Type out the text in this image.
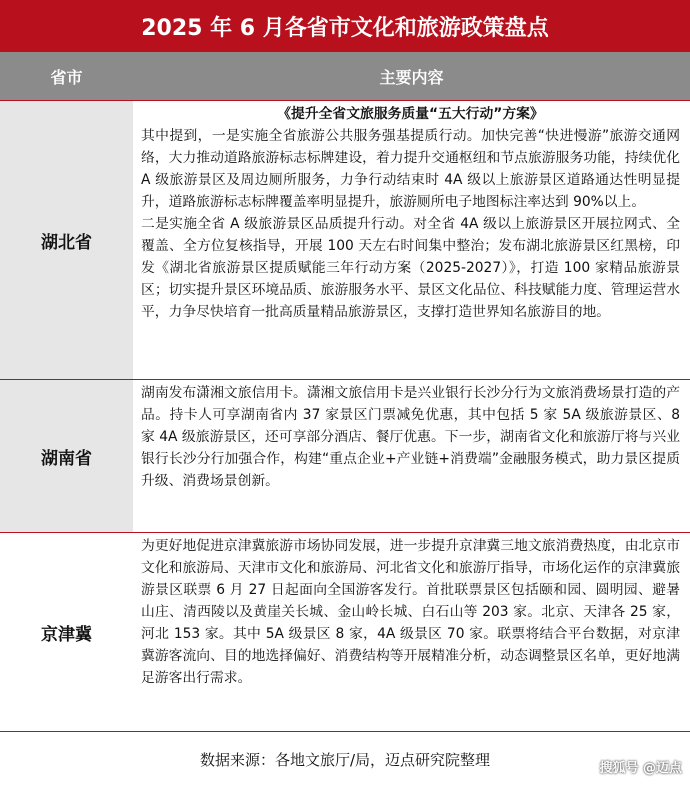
2025 年 6 月各省市文化和旅游政策盘点
省市	主要内容
湖北省
《提升全省文旅服务质量“五大行动”方案》

其中提到，一是实施全省旅游公共服务强基提质行动。加快完善“快进慢游”旅游交通网络，大力推动道路旅游标志标牌建设，着力提升交通枢纽和节点旅游服务功能，持续优化 A 级旅游景区及周边厕所服务，力争行动结束时 4A 级以上旅游景区道路通达性明显提升，道路旅游标志标牌覆盖率明显提升，旅游厕所电子地图标注率达到 90%以上。

二是实施全省 A 级旅游景区品质提升行动。对全省 4A 级以上旅游景区开展拉网式、全覆盖、全方位复核指导，开展 100 天左右时间集中整治；发布湖北旅游景区红黑榜，印发《湖北省旅游景区提质赋能三年行动方案（2025-2027）》，打造 100 家精品旅游景区；切实提升景区环境品质、旅游服务水平、景区文化品位、科技赋能力度、管理运营水平，力争尽快培育一批高质量精品旅游景区，支撑打造世界知名旅游目的地。

湖南省

湖南发布潇湘文旅信用卡。潇湘文旅信用卡是兴业银行长沙分行为文旅消费场景打造的产品。持卡人可享湖南省内 37 家景区门票减免优惠，其中包括 5 家 5A 级旅游景区、8 家 4A 级旅游景区，还可享部分酒店、餐厅优惠。下一步，湖南省文化和旅游厅将与兴业银行长沙分行加强合作，构建“重点企业+产业链+消费端”金融服务模式，助力景区提质升级、消费场景创新。

京津冀

为更好地促进京津冀旅游市场协同发展，进一步提升京津冀三地文旅消费热度，由北京市文化和旅游局、天津市文化和旅游局、河北省文化和旅游厅指导，市场化运作的京津冀旅游景区联票 6 月 27 日起面向全国游客发行。首批联票景区包括颐和园、圆明园、避暑山庄、清西陵以及黄崖关长城、金山岭长城、白石山等 203 家。北京、天津各 25 家，河北 153 家。其中 5A 级景区 8 家，4A 级景区 70 家。联票将结合平台数据，对京津冀游客流向、目的地选择偏好、消费结构等开展精准分析，动态调整景区名单，更好地满足游客出行需求。

数据来源：各地文旅厅/局，迈点研究院整理	搜狐号 @迈点
